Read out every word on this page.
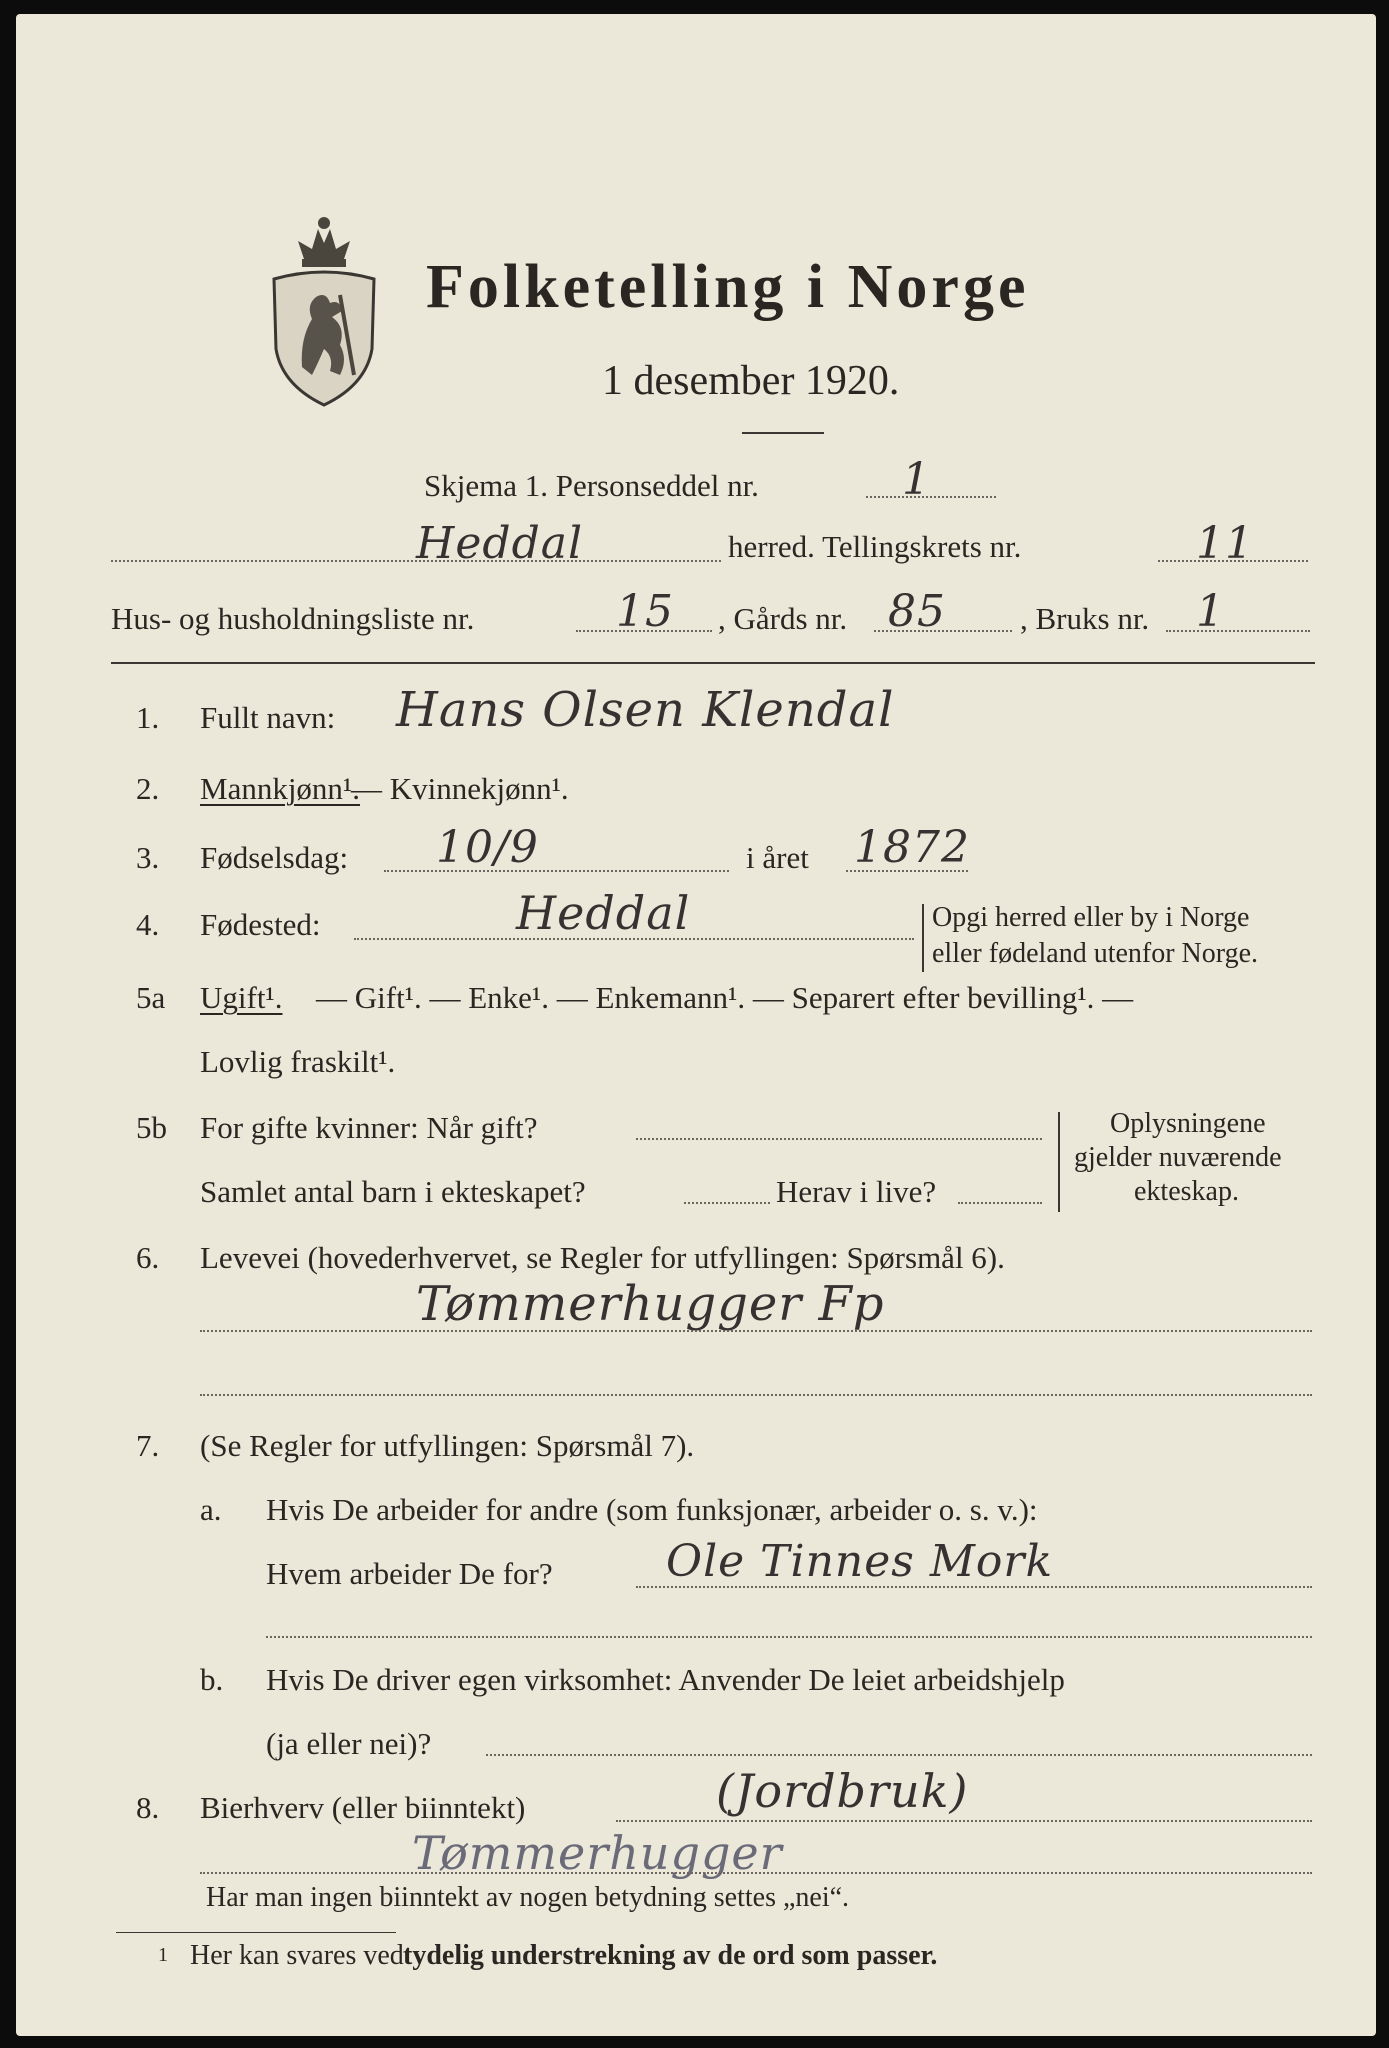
Folketelling i Norge
1 desember 1920.
Skjema 1. Personseddel nr.	1
Heddal	herred. Tellingskrets nr.	11
Hus- og husholdningsliste nr.	15 , Gårds nr. 85 , Bruks nr. 1
1. Fullt navn: Hans Olsen Klendal
2. Mannkjønn¹.
— Kvinnekjønn¹.
3. Fødselsdag: 10/9	i året 1872
4. Fødested:	Heddal	Opgi herred eller by i Norge
eller fødeland utenfor Norge.
5a Ugift¹. — Gift¹. — Enke¹. — Enkemann¹. — Separert efter bevilling¹. —
Lovlig fraskilt¹.
5b For gifte kvinner: Når gift?
Samlet antal barn i ekteskapet?	Herav i live?
Oplysningene
gjelder nuværende
ekteskap.
6. Levevei (hovederhvervet, se Regler for utfyllingen: Spørsmål 6).
Tømmerhugger Fp
7. (Se Regler for utfyllingen: Spørsmål 7).
a. Hvis De arbeider for andre (som funksjonær, arbeider o. s. v.):
Hvem arbeider De for?	Ole Tinnes Mork
b. Hvis De driver egen virksomhet: Anvender De leiet arbeidshjelp
(ja eller nei)?
8. Bierhverv (eller biinntekt)	(Jordbruk)
Tømmerhugger
Har man ingen biinntekt av nogen betydning settes „nei“.
1 Her kan svares ved tydelig understrekning av de ord som passer.
